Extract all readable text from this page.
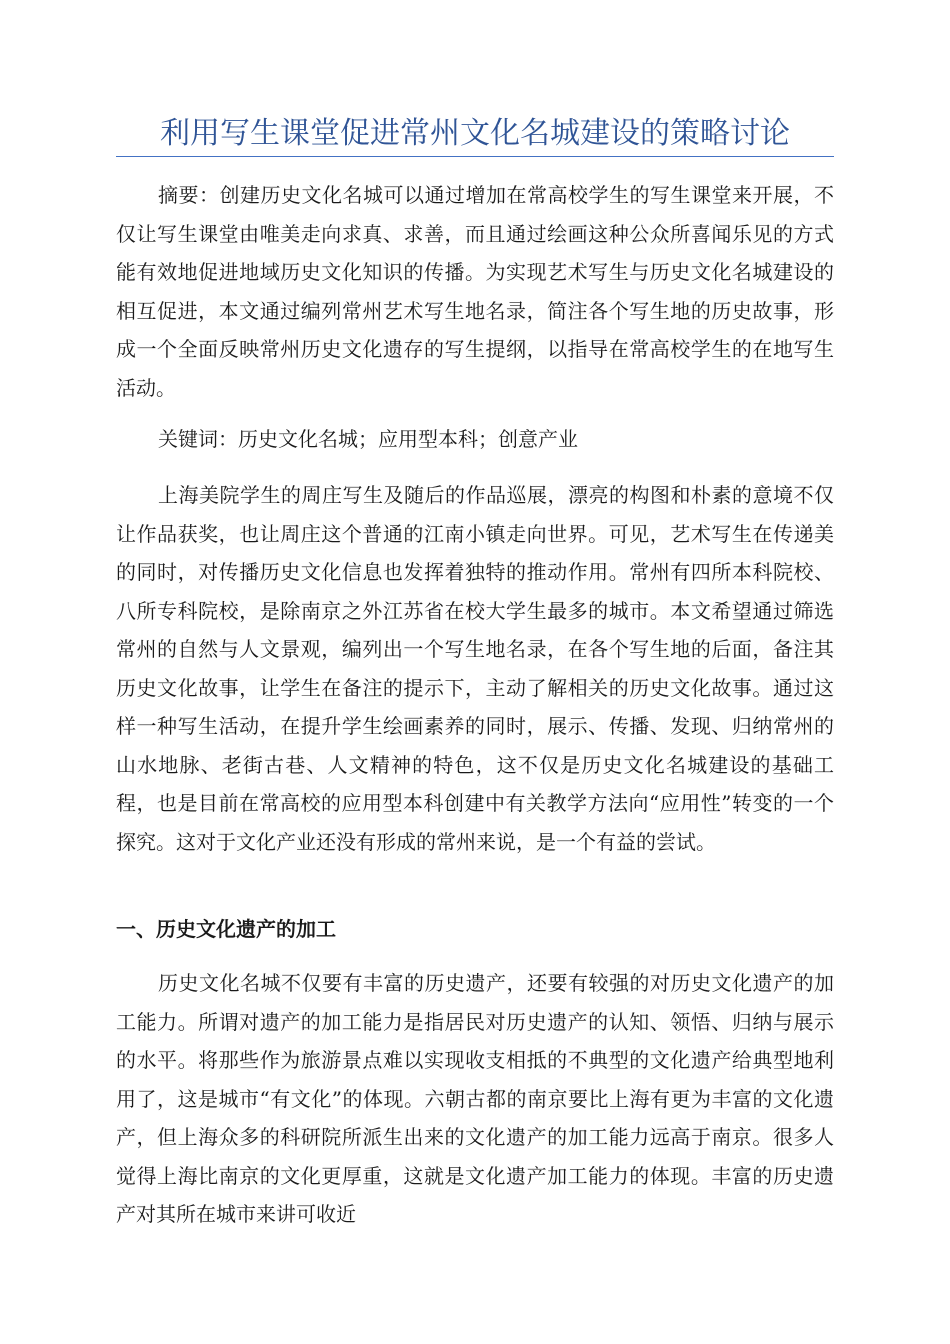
利用写生课堂促进常州文化名城建设的策略讨论

摘要：创建历史文化名城可以通过增加在常高校学生的写生课堂来开展，不仅让写生课堂由唯美走向求真、求善，而且通过绘画这种公众所喜闻乐见的方式能有效地促进地域历史文化知识的传播。为实现艺术写生与历史文化名城建设的相互促进，本文通过编列常州艺术写生地名录，简注各个写生地的历史故事，形成一个全面反映常州历史文化遗存的写生提纲，以指导在常高校学生的在地写生活动。

关键词：历史文化名城；应用型本科；创意产业

上海美院学生的周庄写生及随后的作品巡展，漂亮的构图和朴素的意境不仅让作品获奖，也让周庄这个普通的江南小镇走向世界。可见，艺术写生在传递美的同时，对传播历史文化信息也发挥着独特的推动作用。常州有四所本科院校、八所专科院校，是除南京之外江苏省在校大学生最多的城市。本文希望通过筛选常州的自然与人文景观，编列出一个写生地名录，在各个写生地的后面，备注其历史文化故事，让学生在备注的提示下，主动了解相关的历史文化故事。通过这样一种写生活动，在提升学生绘画素养的同时，展示、传播、发现、归纳常州的山水地脉、老街古巷、人文精神的特色，这不仅是历史文化名城建设的基础工程，也是目前在常高校的应用型本科创建中有关教学方法向“应用性”转变的一个探究。这对于文化产业还没有形成的常州来说，是一个有益的尝试。

一、历史文化遗产的加工

历史文化名城不仅要有丰富的历史遗产，还要有较强的对历史文化遗产的加工能力。所谓对遗产的加工能力是指居民对历史遗产的认知、领悟、归纳与展示的水平。将那些作为旅游景点难以实现收支相抵的不典型的文化遗产给典型地利用了，这是城市“有文化”的体现。六朝古都的南京要比上海有更为丰富的文化遗产，但上海众多的科研院所派生出来的文化遗产的加工能力远高于南京。很多人觉得上海比南京的文化更厚重，这就是文化遗产加工能力的体现。丰富的历史遗产对其所在城市来讲可收近
